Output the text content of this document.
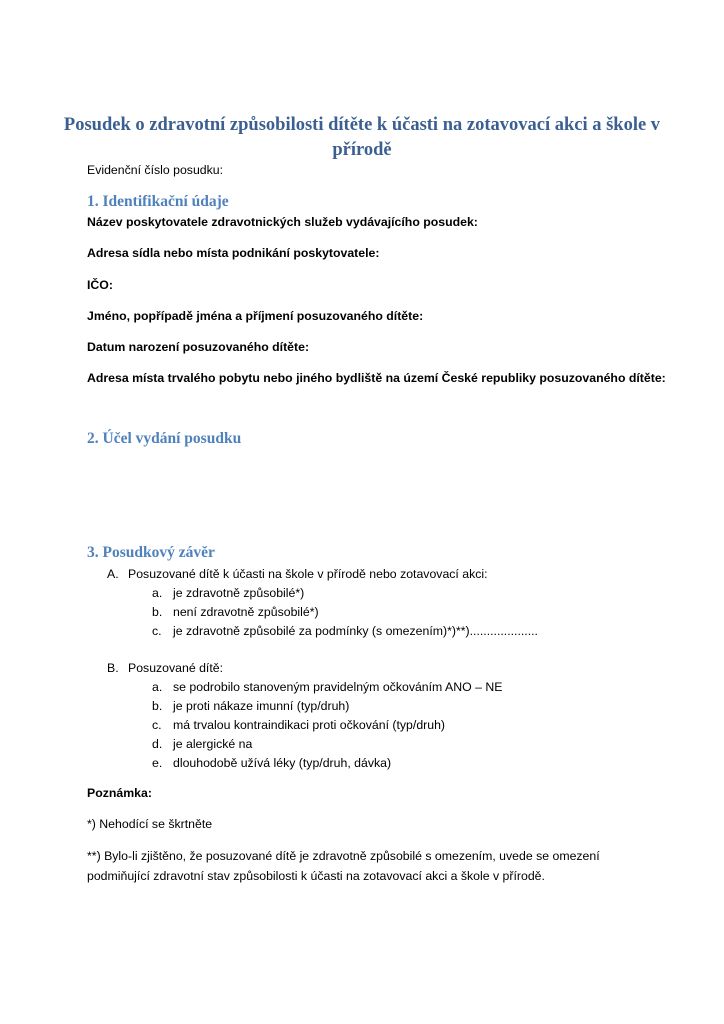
Posudek o zdravotní způsobilosti dítěte k účasti na zotavovací akci a škole v přírodě

Evidenční číslo posudku:

1. Identifikační údaje

Název poskytovatele zdravotnických služeb vydávajícího posudek:

Adresa sídla nebo místa podnikání poskytovatele:

IČO:

Jméno, popřípadě jména a příjmení posuzovaného dítěte:

Datum narození posuzovaného dítěte:

Adresa místa trvalého pobytu nebo jiného bydliště na území České republiky posuzovaného dítěte:

2. Účel vydání posudku

3. Posudkový závěr

A. Posuzované dítě k účasti na škole v přírodě nebo zotavovací akci:

a. je zdravotně způsobilé*)

b. není zdravotně způsobilé*)

c. je zdravotně způsobilé za podmínky (s omezením)*)**)....................

B. Posuzované dítě:

a. se podrobilo stanoveným pravidelným očkováním ANO – NE

b. je proti nákaze imunní (typ/druh)

c. má trvalou kontraindikaci proti očkování (typ/druh)

d. je alergické na

e. dlouhodobě užívá léky (typ/druh, dávka)

Poznámka:

*) Nehodící se škrtněte

**) Bylo-li zjištěno, že posuzované dítě je zdravotně způsobilé s omezením, uvede se omezení podmiňující zdravotní stav způsobilosti k účasti na zotavovací akci a škole v přírodě.
